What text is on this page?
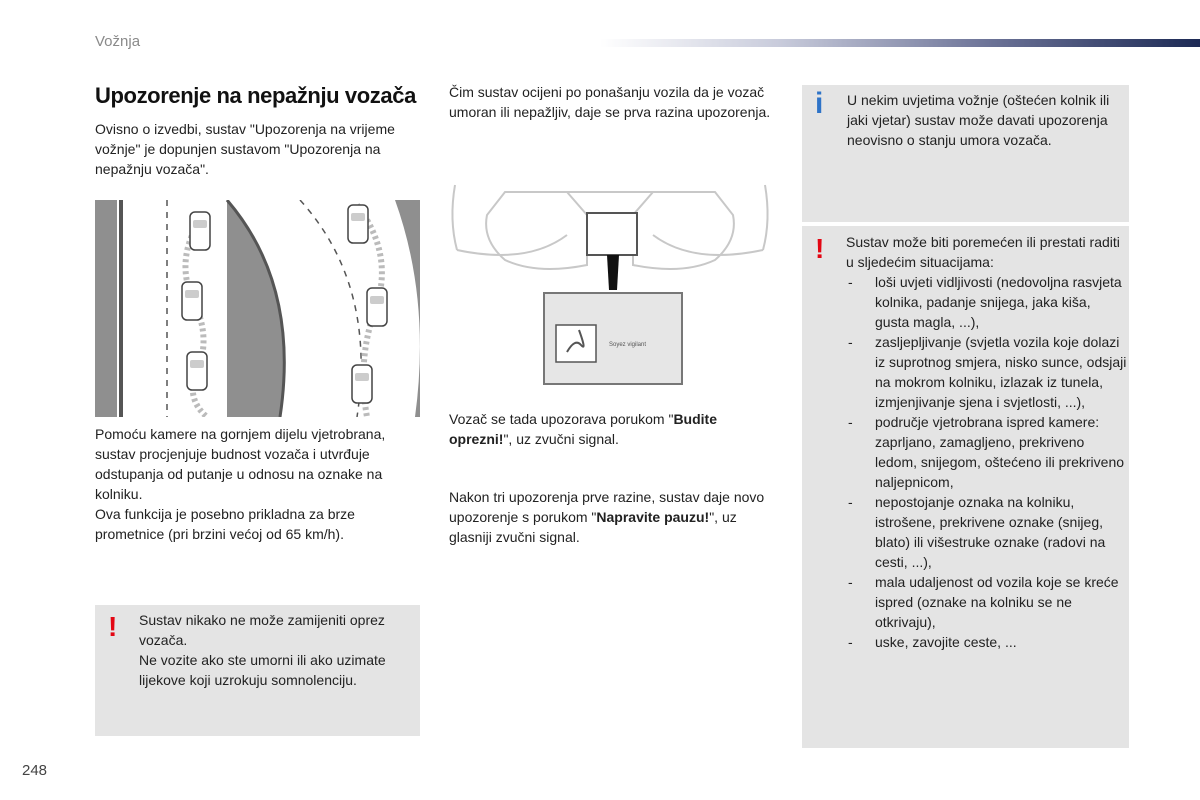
Vožnja
Upozorenje na nepažnju vozača

Ovisno o izvedbi, sustav "Upozorenja na vrijeme vožnje" je dopunjen sustavom "Upozorenja na nepažnju vozača".

Pomoću kamere na gornjem dijelu vjetrobrana, sustav procjenjuje budnost vozača i utvrđuje odstupanja od putanje u odnosu na oznake na kolniku.

Ova funkcija je posebno prikladna za brze prometnice (pri brzini većoj od 65 km/h).

! Sustav nikako ne može zamijeniti oprez vozača.

Ne vozite ako ste umorni ili ako uzimate lijekove koji uzrokuju somnolenciju.

Čim sustav ocijeni po ponašanju vozila da je vozač umoran ili nepažljiv, daje se prva razina upozorenja.

Soyez vigilant

Vozač se tada upozorava porukom "Budite oprezni!", uz zvučni signal.

Nakon tri upozorenja prve razine, sustav daje novo upozorenje s porukom "Napravite pauzu!", uz glasniji zvučni signal.

i U nekim uvjetima vožnje (oštećen kolnik ili jaki vjetar) sustav može davati upozorenja neovisno o stanju umora vozača.

! Sustav može biti poremećen ili prestati raditi u sljedećim situacijama:

- loši uvjeti vidljivosti (nedovoljna rasvjeta kolnika, padanje snijega, jaka kiša, gusta magla, ...),
- zasljepljivanje (svjetla vozila koje dolazi iz suprotnog smjera, nisko sunce, odsjaji na mokrom kolniku, izlazak iz tunela, izmjenjivanje sjena i svjetlosti, ...),
- područje vjetrobrana ispred kamere: zaprljano, zamagljeno, prekriveno ledom, snijegom, oštećeno ili prekriveno naljepnicom,
- nepostojanje oznaka na kolniku, istrošene, prekrivene oznake (snijeg, blato) ili višestruke oznake (radovi na cesti, ...),
- mala udaljenost od vozila koje se kreće ispred (oznake na kolniku se ne otkrivaju),
- uske, zavojite ceste, ...
248
